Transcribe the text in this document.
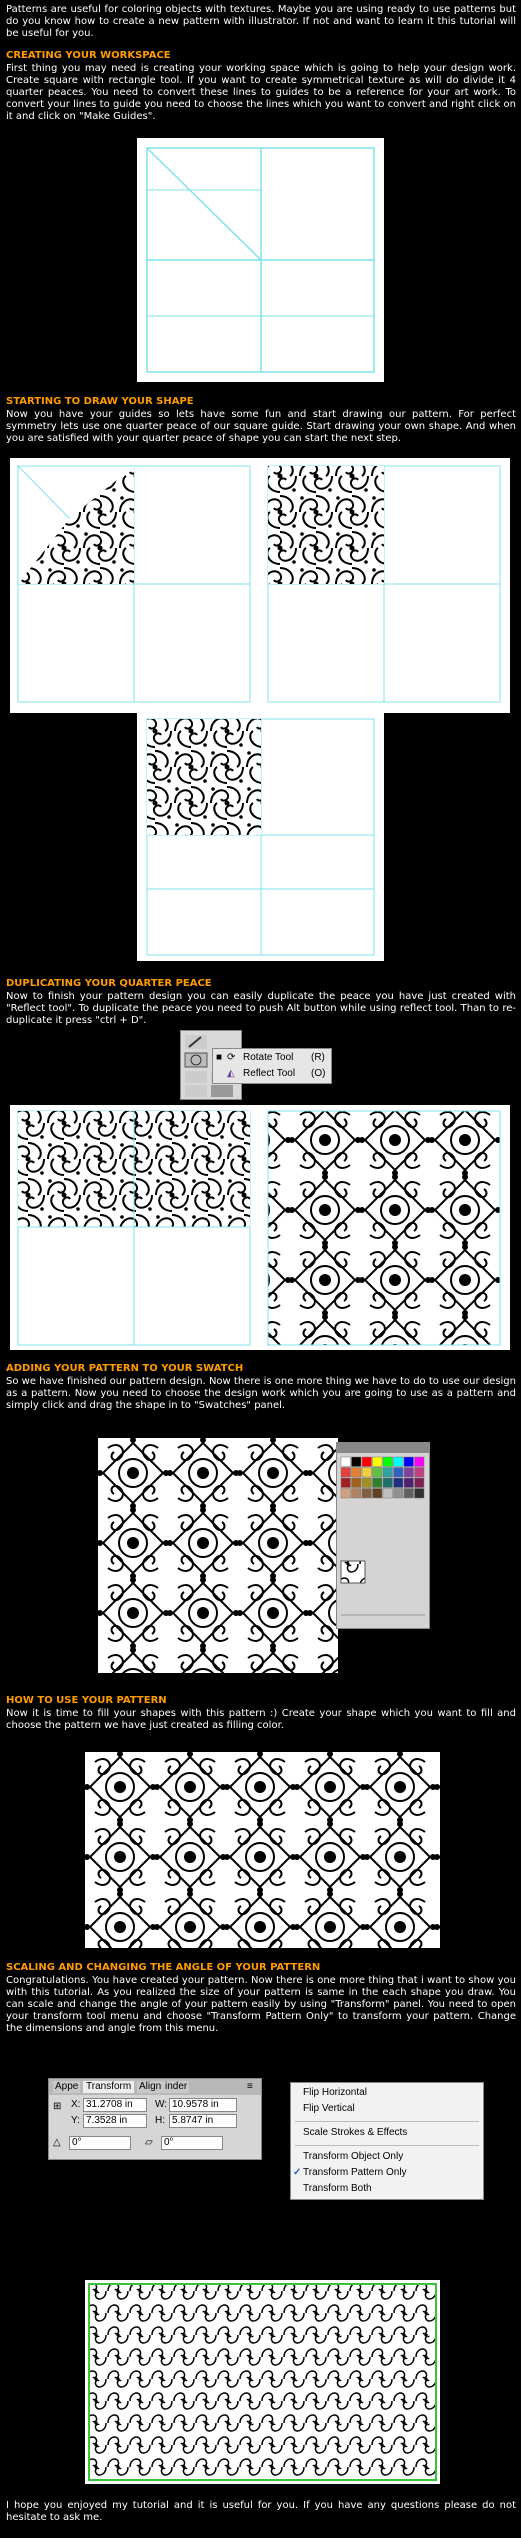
Patterns are useful for coloring objects with textures. Maybe you are using ready to use patterns but do you know how to create a new pattern with illustrator. If not and want to learn it this tutorial will be useful for you.

CREATING YOUR WORKSPACE

First thing you may need is creating your working space which is going to help your design work. Create square with rectangle tool. If you want to create symmetrical texture as will do divide it 4 quarter peaces. You need to convert these lines to guides to be a reference for your art work. To convert your lines to guide you need to choose the lines which you want to convert and right click on it and click on "Make Guides".

STARTING TO DRAW YOUR SHAPE

Now you have your guides so lets have some fun and start drawing our pattern. For perfect symmetry lets use one quarter peace of our square guide. Start drawing your own shape. And when you are satisfied with your quarter peace of shape you can start the next step.

DUPLICATING YOUR QUARTER PEACE

Now to finish your pattern design you can easily duplicate the peace you have just created with "Reflect tool". To duplicate the peace you need to push Alt button while using reflect tool. Than to re-duplicate it press "ctrl + D".

■ ⟳ Rotate Tool (R)
◭ Reflect Tool (O)

ADDING YOUR PATTERN TO YOUR SWATCH

So we have finished our pattern design. Now there is one more thing we have to do to use our design as a pattern. Now you need to choose the design work which you are going to use as a pattern and simply click and drag the shape in to "Swatches" panel.

HOW TO USE YOUR PATTERN

Now it is time to fill your shapes with this pattern :) Create your shape which you want to fill and choose the pattern we have just created as filling color.

SCALING AND CHANGING THE ANGLE OF YOUR PATTERN

Congratulations. You have created your pattern. Now there is one more thing that i want to show you with this tutorial. As you realized the size of your pattern is same in the each shape you draw. You can scale and change the angle of your pattern easily by using "Transform" panel. You need to open your transform tool menu and choose "Transform Pattern Only" to transform your pattern. Change the dimensions and angle from this menu.

Appe Transform Align inder	≡
⊞ X: 31.2708 in	W: 10.9578 in
Y: 7.3528 in	H: 5.8747 in
△	0°	▱	0°
Flip Horizontal
Flip Vertical
Scale Strokes & Effects
Transform Object Only
✓ Transform Pattern Only
Transform Both

I hope you enjoyed my tutorial and it is useful for you. If you have any questions please do not hesitate to ask me.
